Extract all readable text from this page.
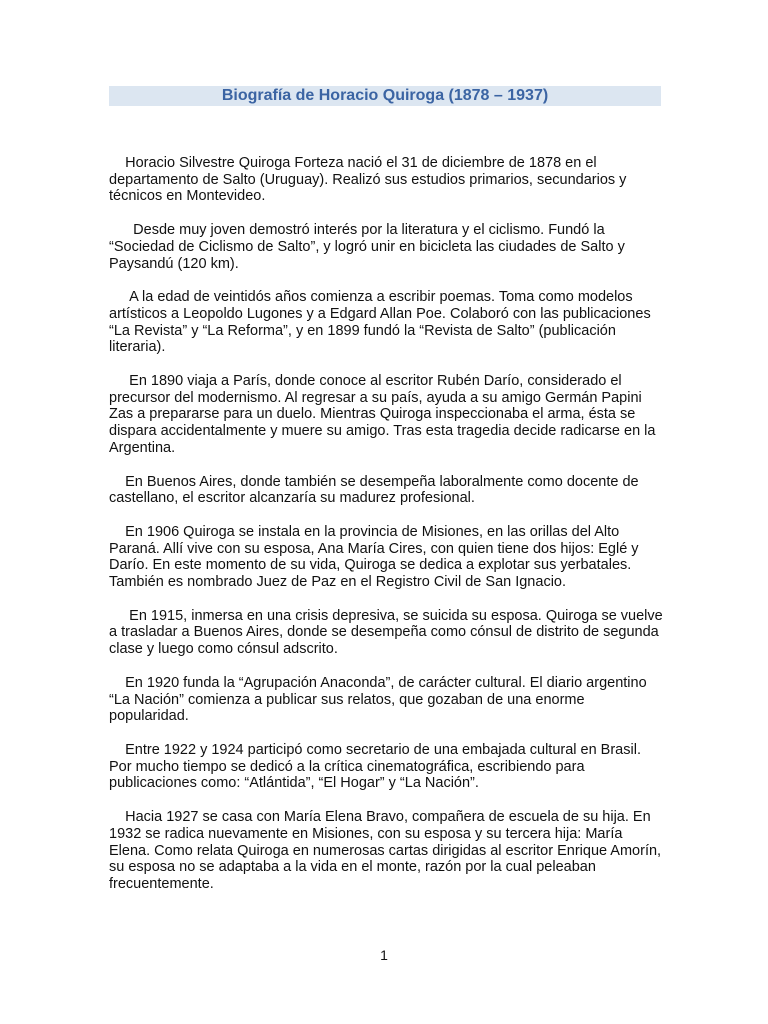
Biografía de Horacio Quiroga (1878 – 1937)

Horacio Silvestre Quiroga Forteza nació el 31 de diciembre de 1878 en el departamento de Salto (Uruguay). Realizó sus estudios primarios, secundarios y técnicos en Montevideo.

Desde muy joven demostró interés por la literatura y el ciclismo. Fundó la “Sociedad de Ciclismo de Salto”, y logró unir en bicicleta las ciudades de Salto y Paysandú (120 km).

A la edad de veintidós años comienza a escribir poemas. Toma como modelos artísticos a Leopoldo Lugones y a Edgard Allan Poe. Colaboró con las publicaciones “La Revista” y “La Reforma”, y en 1899 fundó la “Revista de Salto” (publicación literaria).

En 1890 viaja a París, donde conoce al escritor Rubén Darío, considerado el precursor del modernismo. Al regresar a su país, ayuda a su amigo Germán Papini Zas a prepararse para un duelo. Mientras Quiroga inspeccionaba el arma, ésta se dispara accidentalmente y muere su amigo. Tras esta tragedia decide radicarse en la Argentina.

En Buenos Aires, donde también se desempeña laboralmente como docente de castellano, el escritor alcanzaría su madurez profesional.

En 1906 Quiroga se instala en la provincia de Misiones, en las orillas del Alto Paraná. Allí vive con su esposa, Ana María Cires, con quien tiene dos hijos: Eglé y Darío. En este momento de su vida, Quiroga se dedica a explotar sus yerbatales. También es nombrado Juez de Paz en el Registro Civil de San Ignacio.

En 1915, inmersa en una crisis depresiva, se suicida su esposa. Quiroga se vuelve a trasladar a Buenos Aires, donde se desempeña como cónsul de distrito de segunda clase y luego como cónsul adscrito.

En 1920 funda la “Agrupación Anaconda”, de carácter cultural. El diario argentino “La Nación” comienza a publicar sus relatos, que gozaban de una enorme popularidad.

Entre 1922 y 1924 participó como secretario de una embajada cultural en Brasil. Por mucho tiempo se dedicó a la crítica cinematográfica, escribiendo para publicaciones como: “Atlántida”, “El Hogar” y “La Nación”.

Hacia 1927 se casa con María Elena Bravo, compañera de escuela de su hija. En 1932 se radica nuevamente en Misiones, con su esposa y su tercera hija: María Elena. Como relata Quiroga en numerosas cartas dirigidas al escritor Enrique Amorín, su esposa no se adaptaba a la vida en el monte, razón por la cual peleaban frecuentemente.

1
